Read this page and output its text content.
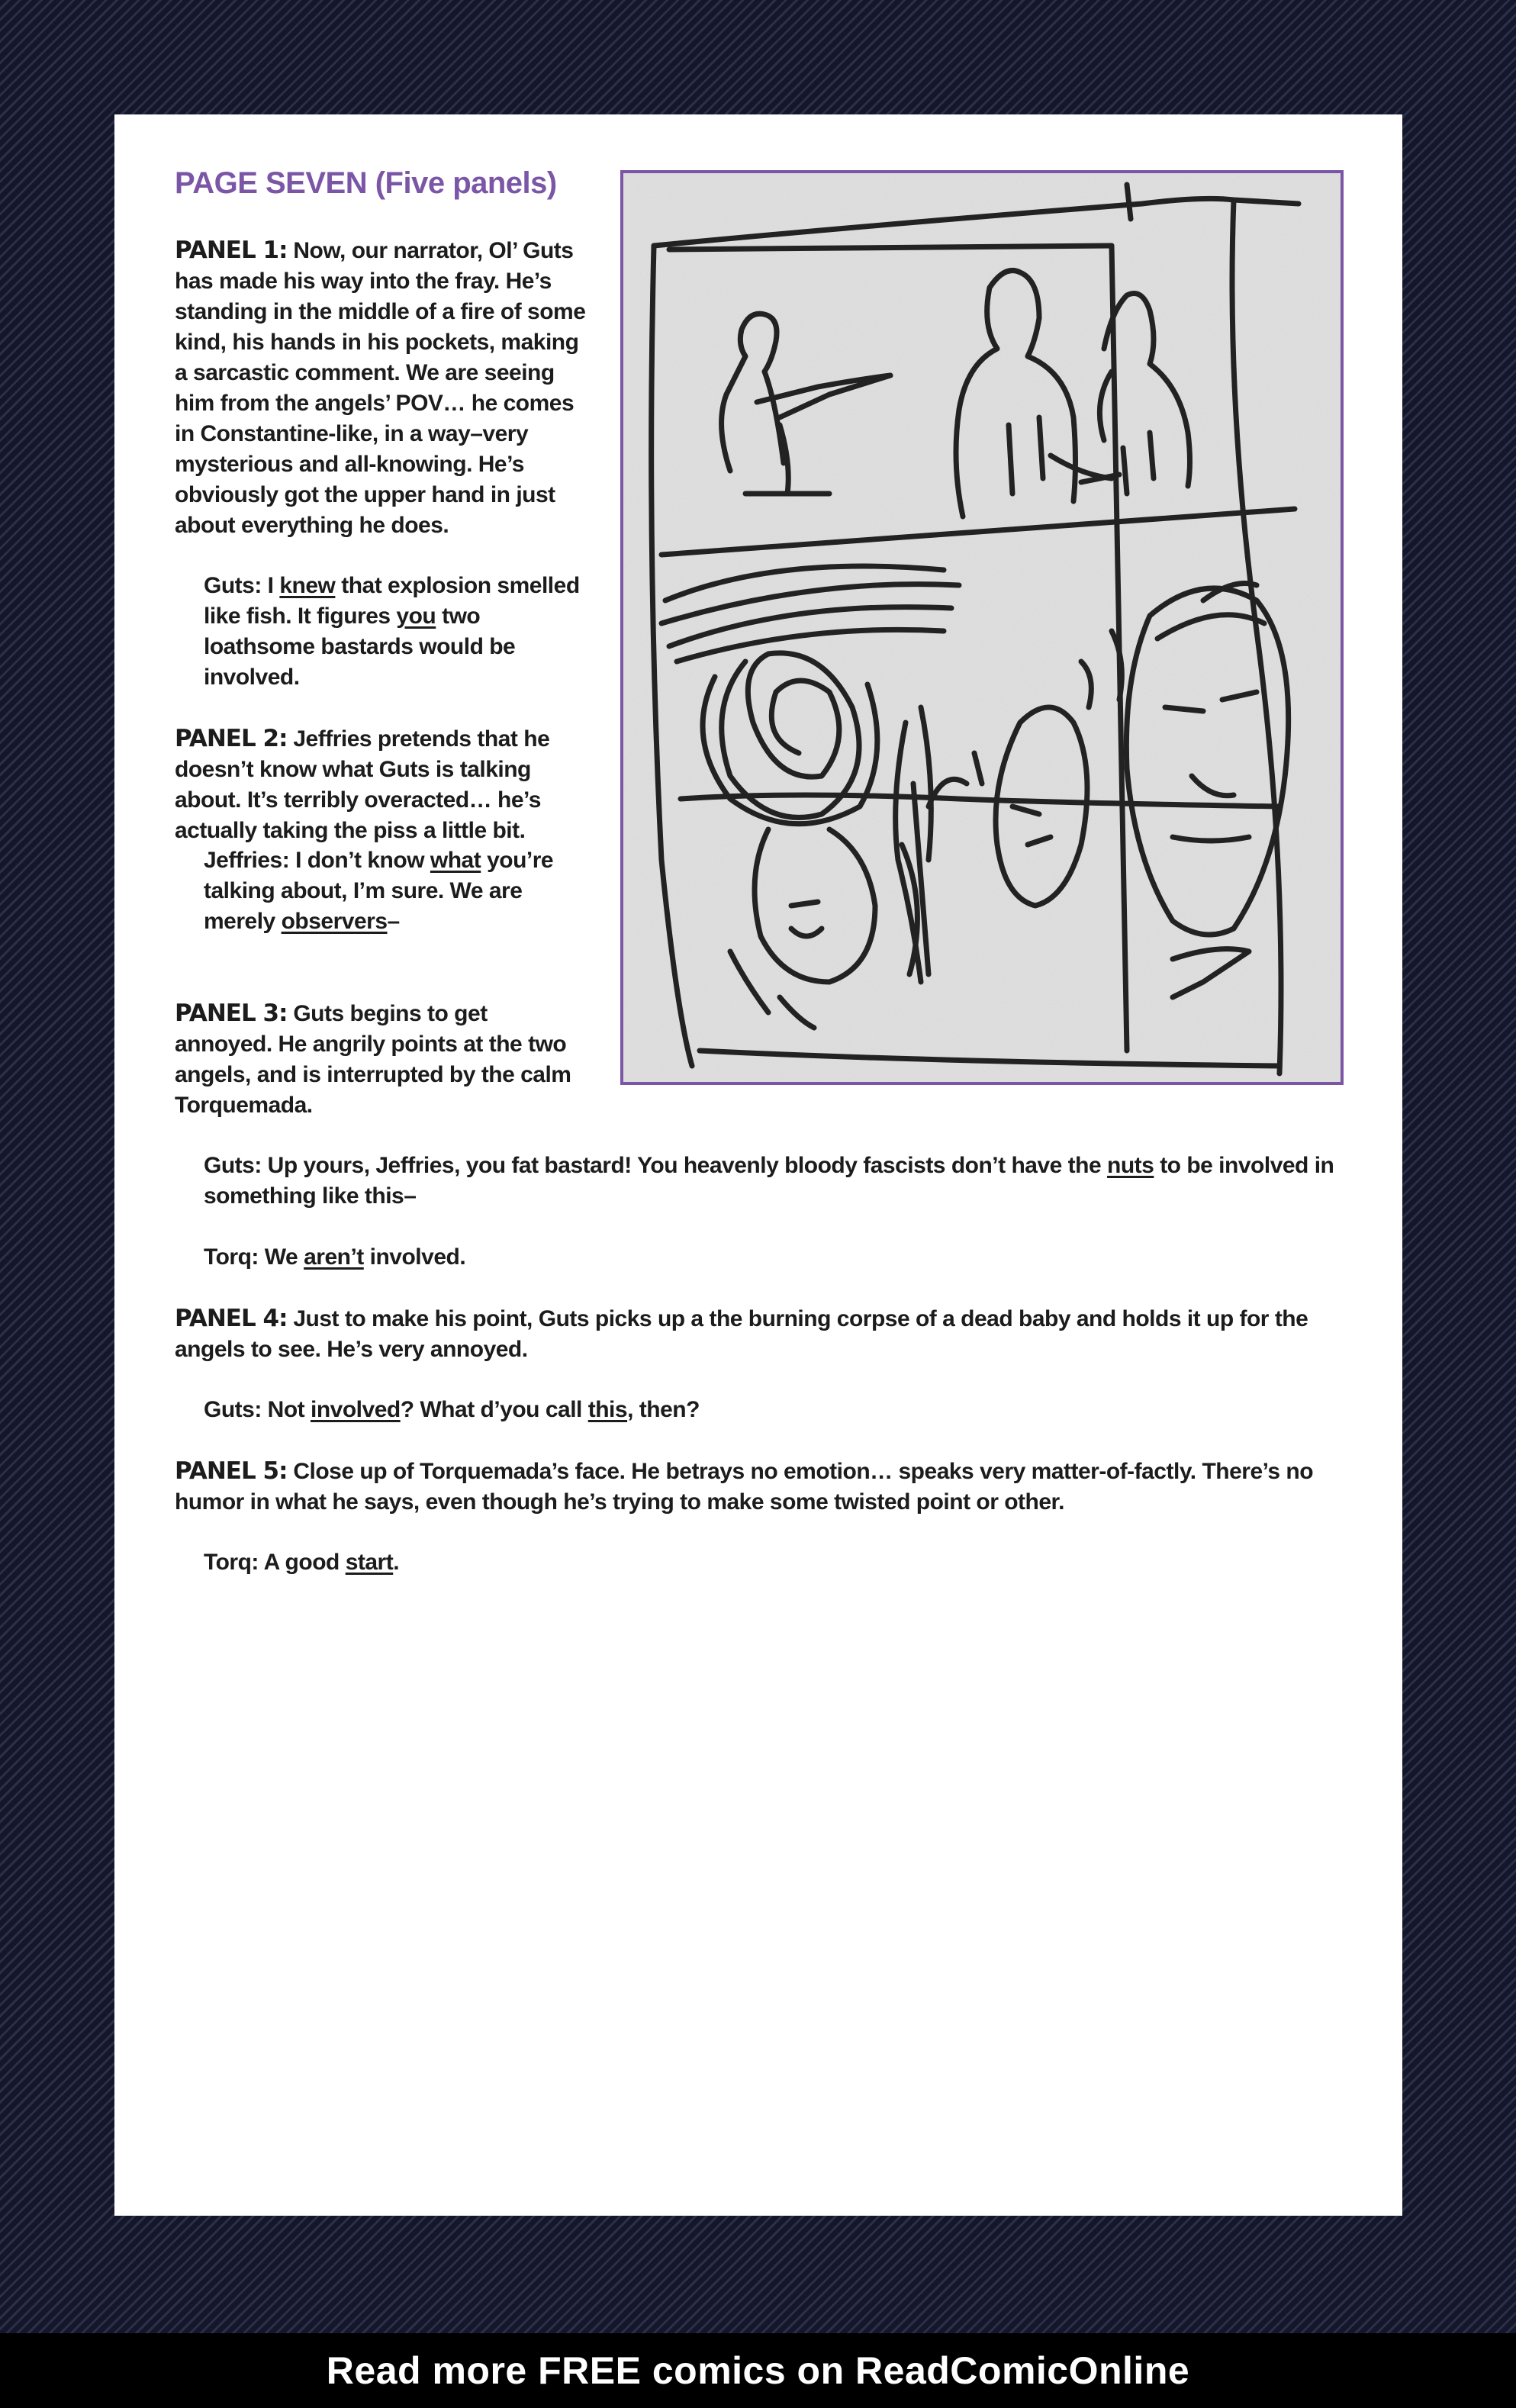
PAGE SEVEN (Five panels)

PANEL 1: Now, our narrator, Ol’ Guts has made his way into the fray. He’s standing in the middle of a fire of some kind, his hands in his pockets, making a sarcastic comment. We are seeing him from the angels’ POV… he comes in Constantine-like, in a way–very mysterious and all-knowing. He’s obviously got the upper hand in just about everything he does.

Guts: I knew that explosion smelled like fish. It figures you two loathsome bastards would be involved.

PANEL 2: Jeffries pretends that he doesn’t know what Guts is talking about. It’s terribly overacted… he’s actually taking the piss a little bit.

Jeffries: I don’t know what you’re talking about, I’m sure. We are merely observers–

PANEL 3: Guts begins to get annoyed. He angrily points at the two angels, and is interrupted by the calm Torquemada.

Guts: Up yours, Jeffries, you fat bastard! You heavenly bloody fascists don’t have the nuts to be involved in something like this–

Torq: We aren’t involved.

PANEL 4: Just to make his point, Guts picks up a the burning corpse of a dead baby and holds it up for the angels to see. He’s very annoyed.

Guts: Not involved? What d’you call this, then?

PANEL 5: Close up of Torquemada’s face. He betrays no emotion… speaks very matter-of-factly. There’s no humor in what he says, even though he’s trying to make some twisted point or other.

Torq: A good start.

Read more FREE comics on ReadComicOnline
